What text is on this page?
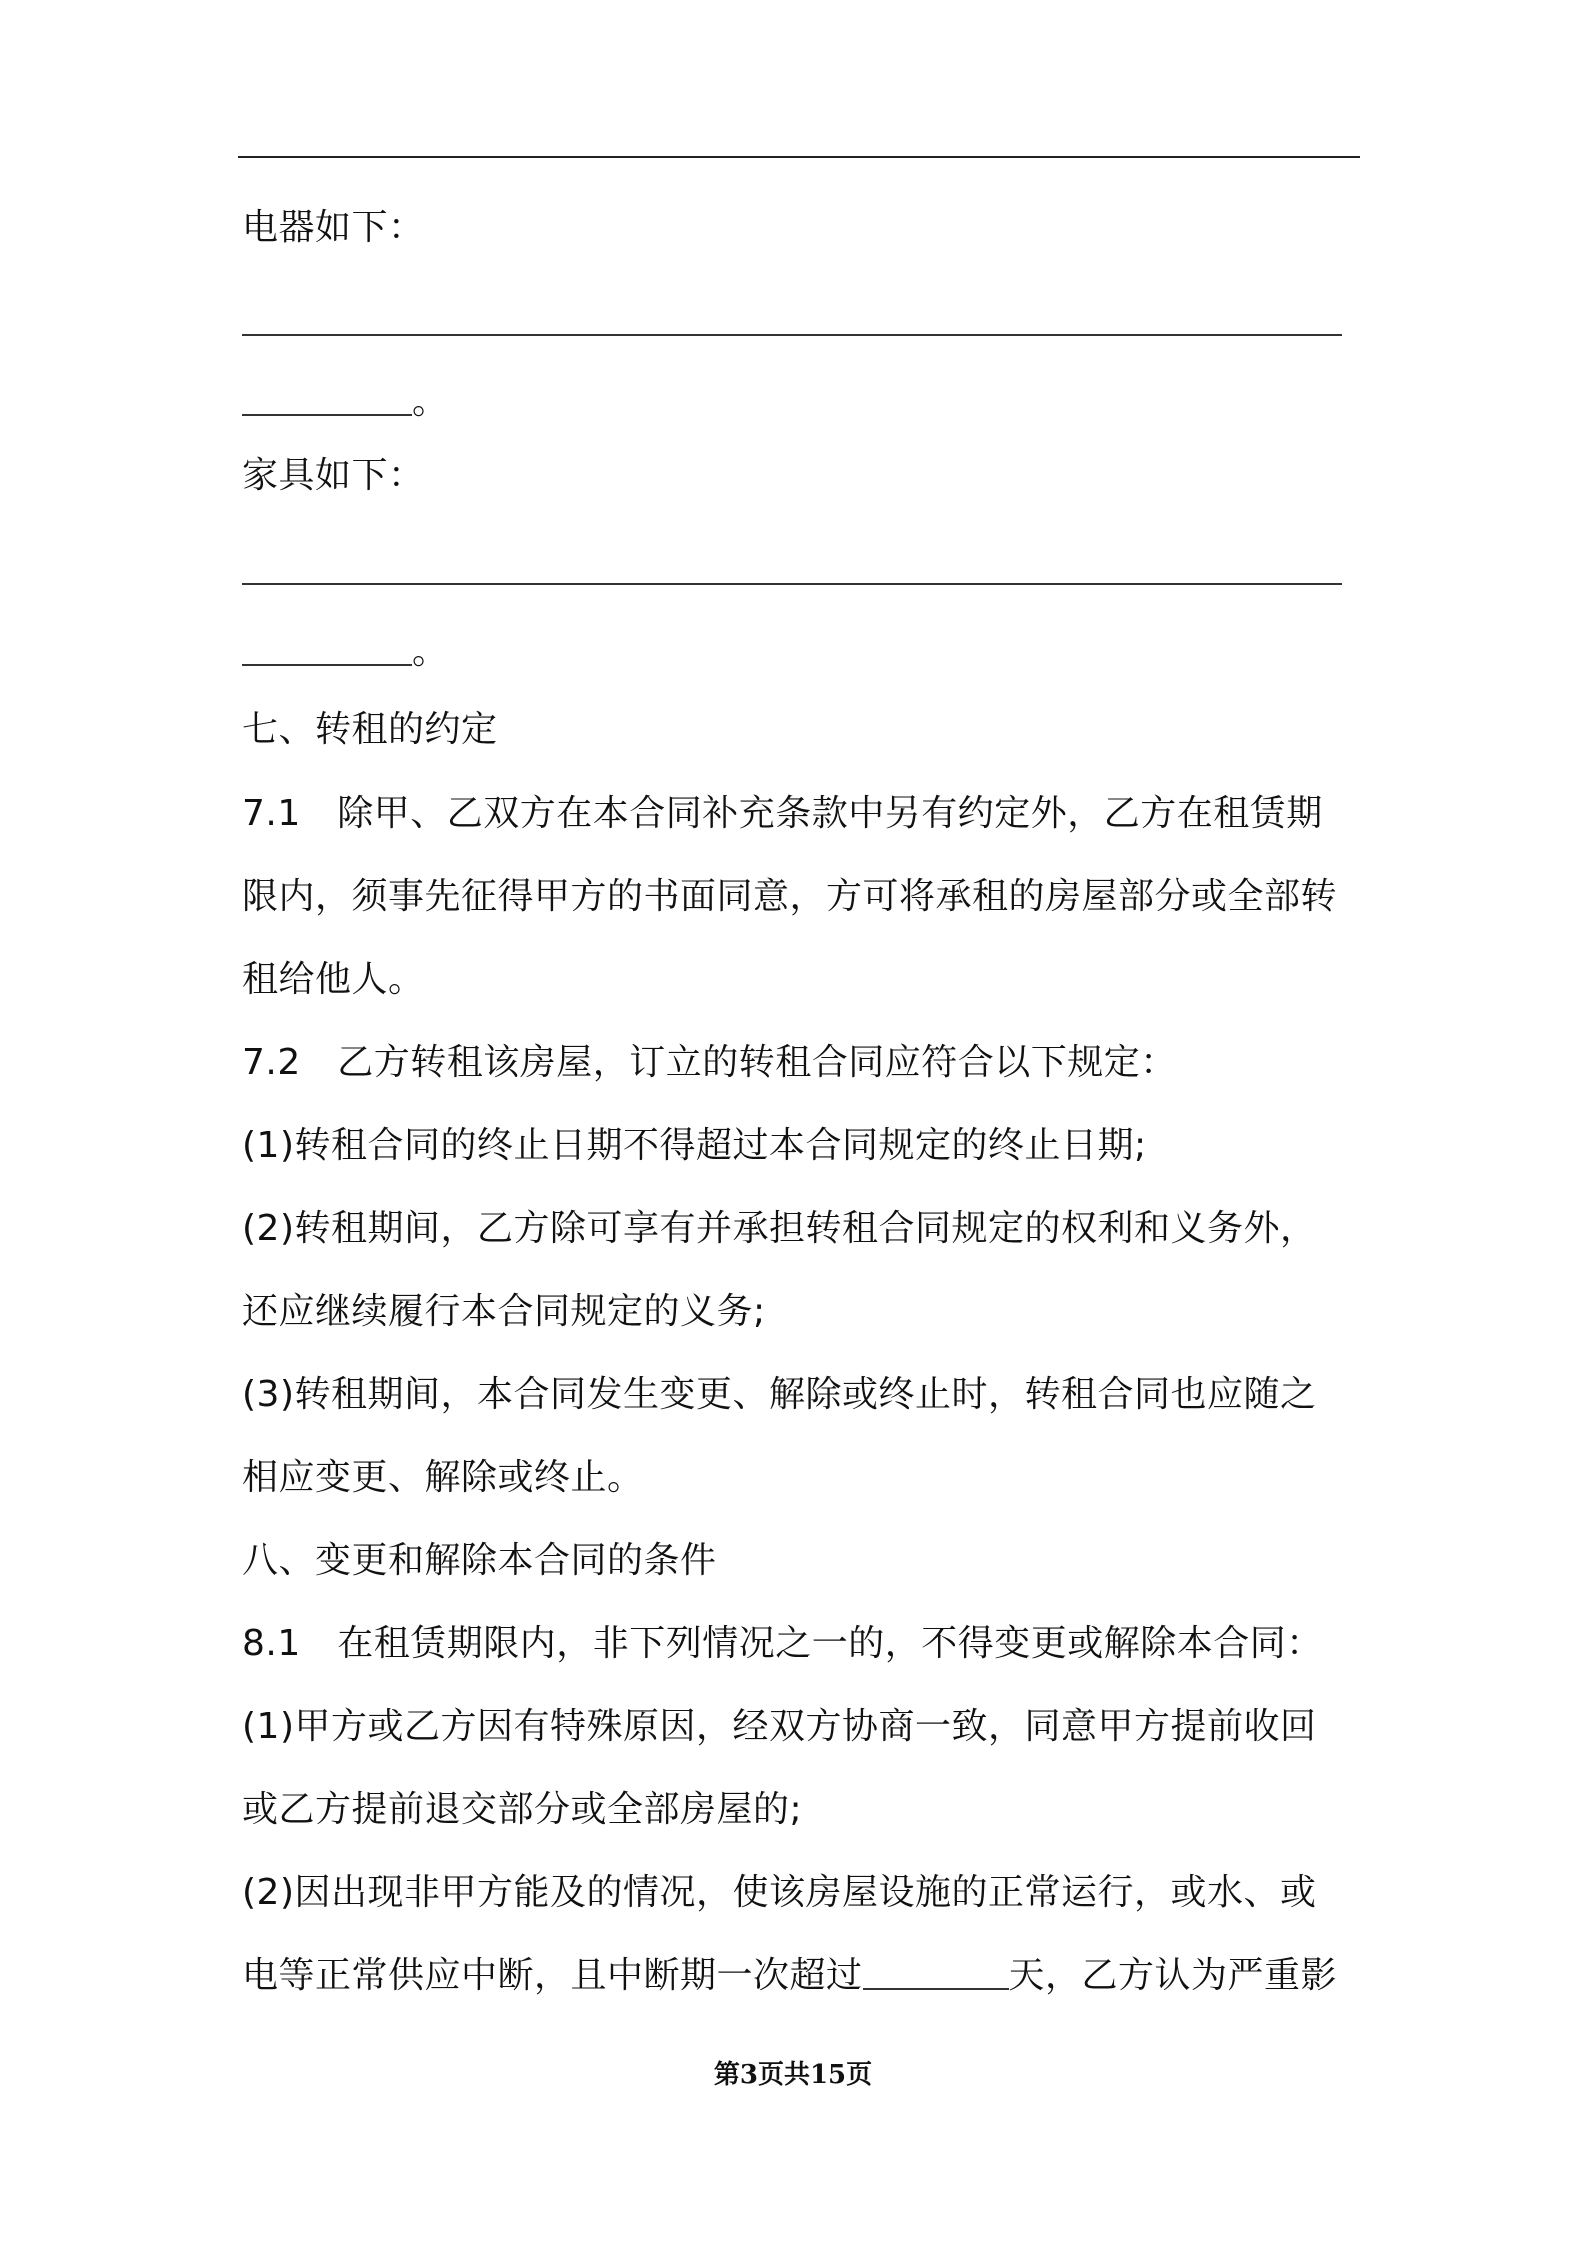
电器如下：
。
家具如下：
。
七、转租的约定
7.1　除甲、乙双方在本合同补充条款中另有约定外，乙方在租赁期
限内，须事先征得甲方的书面同意，方可将承租的房屋部分或全部转
租给他人。
7.2　乙方转租该房屋，订立的转租合同应符合以下规定：
(1)转租合同的终止日期不得超过本合同规定的终止日期;
(2)转租期间，乙方除可享有并承担转租合同规定的权利和义务外，
还应继续履行本合同规定的义务;
(3)转租期间，本合同发生变更、解除或终止时，转租合同也应随之
相应变更、解除或终止。
八、变更和解除本合同的条件
8.1　在租赁期限内，非下列情况之一的，不得变更或解除本合同：
(1)甲方或乙方因有特殊原因，经双方协商一致，同意甲方提前收回
或乙方提前退交部分或全部房屋的;
(2)因出现非甲方能及的情况，使该房屋设施的正常运行，或水、或
电等正常供应中断，且中断期一次超过	天，乙方认为严重影
第3页共15页
